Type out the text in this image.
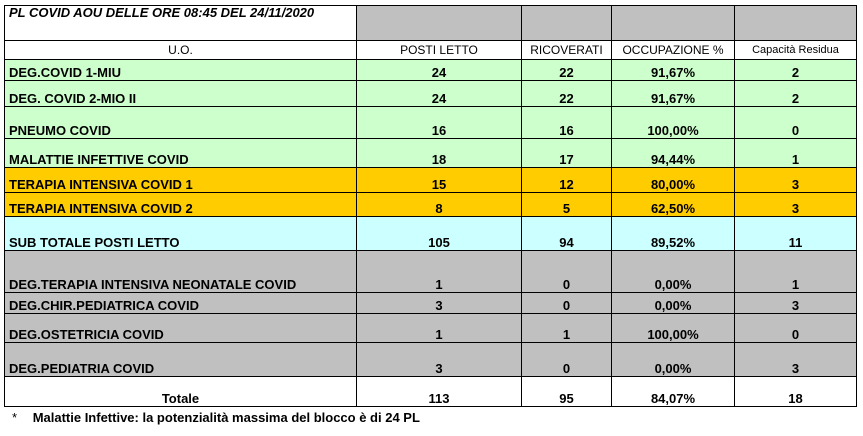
PL COVID AOU DELLE ORE 08:45 DEL 24/11/2020				
U.O.	POSTI LETTO	RICOVERATI	OCCUPAZIONE %	Capacità Residua
DEG.COVID 1-MIU	24	22	91,67%	2
DEG. COVID 2-MIO II	24	22	91,67%	2
PNEUMO COVID	16	16	100,00%	0
MALATTIE INFETTIVE COVID	18	17	94,44%	1
TERAPIA INTENSIVA COVID 1	15	12	80,00%	3
TERAPIA INTENSIVA COVID 2	8	5	62,50%	3
SUB TOTALE POSTI LETTO	105	94	89,52%	11
DEG.TERAPIA INTENSIVA NEONATALE COVID	1	0	0,00%	1
DEG.CHIR.PEDIATRICA COVID	3	0	0,00%	3
DEG.OSTETRICIA COVID	1	1	100,00%	0
DEG.PEDIATRIA COVID	3	0	0,00%	3
Totale	113	95	84,07%	18
* Malattie Infettive: la potenzialità massima del blocco è di 24 PL
